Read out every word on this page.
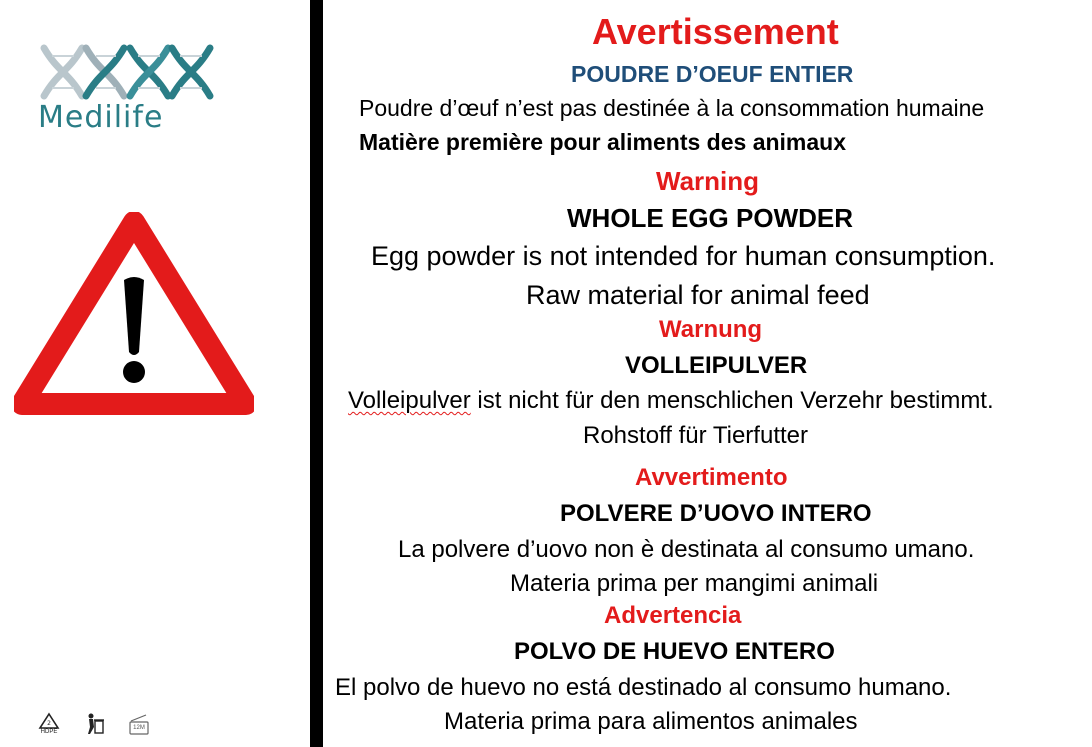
Medilife
2
HDPE
12M
Avertissement
POUDRE D’OEUF ENTIER
Poudre d’œuf n’est pas destinée à la consommation humaine
Matière première pour aliments des animaux
Warning
WHOLE EGG POWDER
Egg powder is not intended for human consumption.
Raw material for animal feed
Warnung
VOLLEIPULVER
Volleipulver ist nicht für den menschlichen Verzehr bestimmt.
Rohstoff für Tierfutter
Avvertimento
POLVERE D’UOVO INTERO
La polvere d’uovo non è destinata al consumo umano.
Materia prima per mangimi animali
Advertencia
POLVO DE HUEVO ENTERO
El polvo de huevo no está destinado al consumo humano.
Materia prima para alimentos animales
